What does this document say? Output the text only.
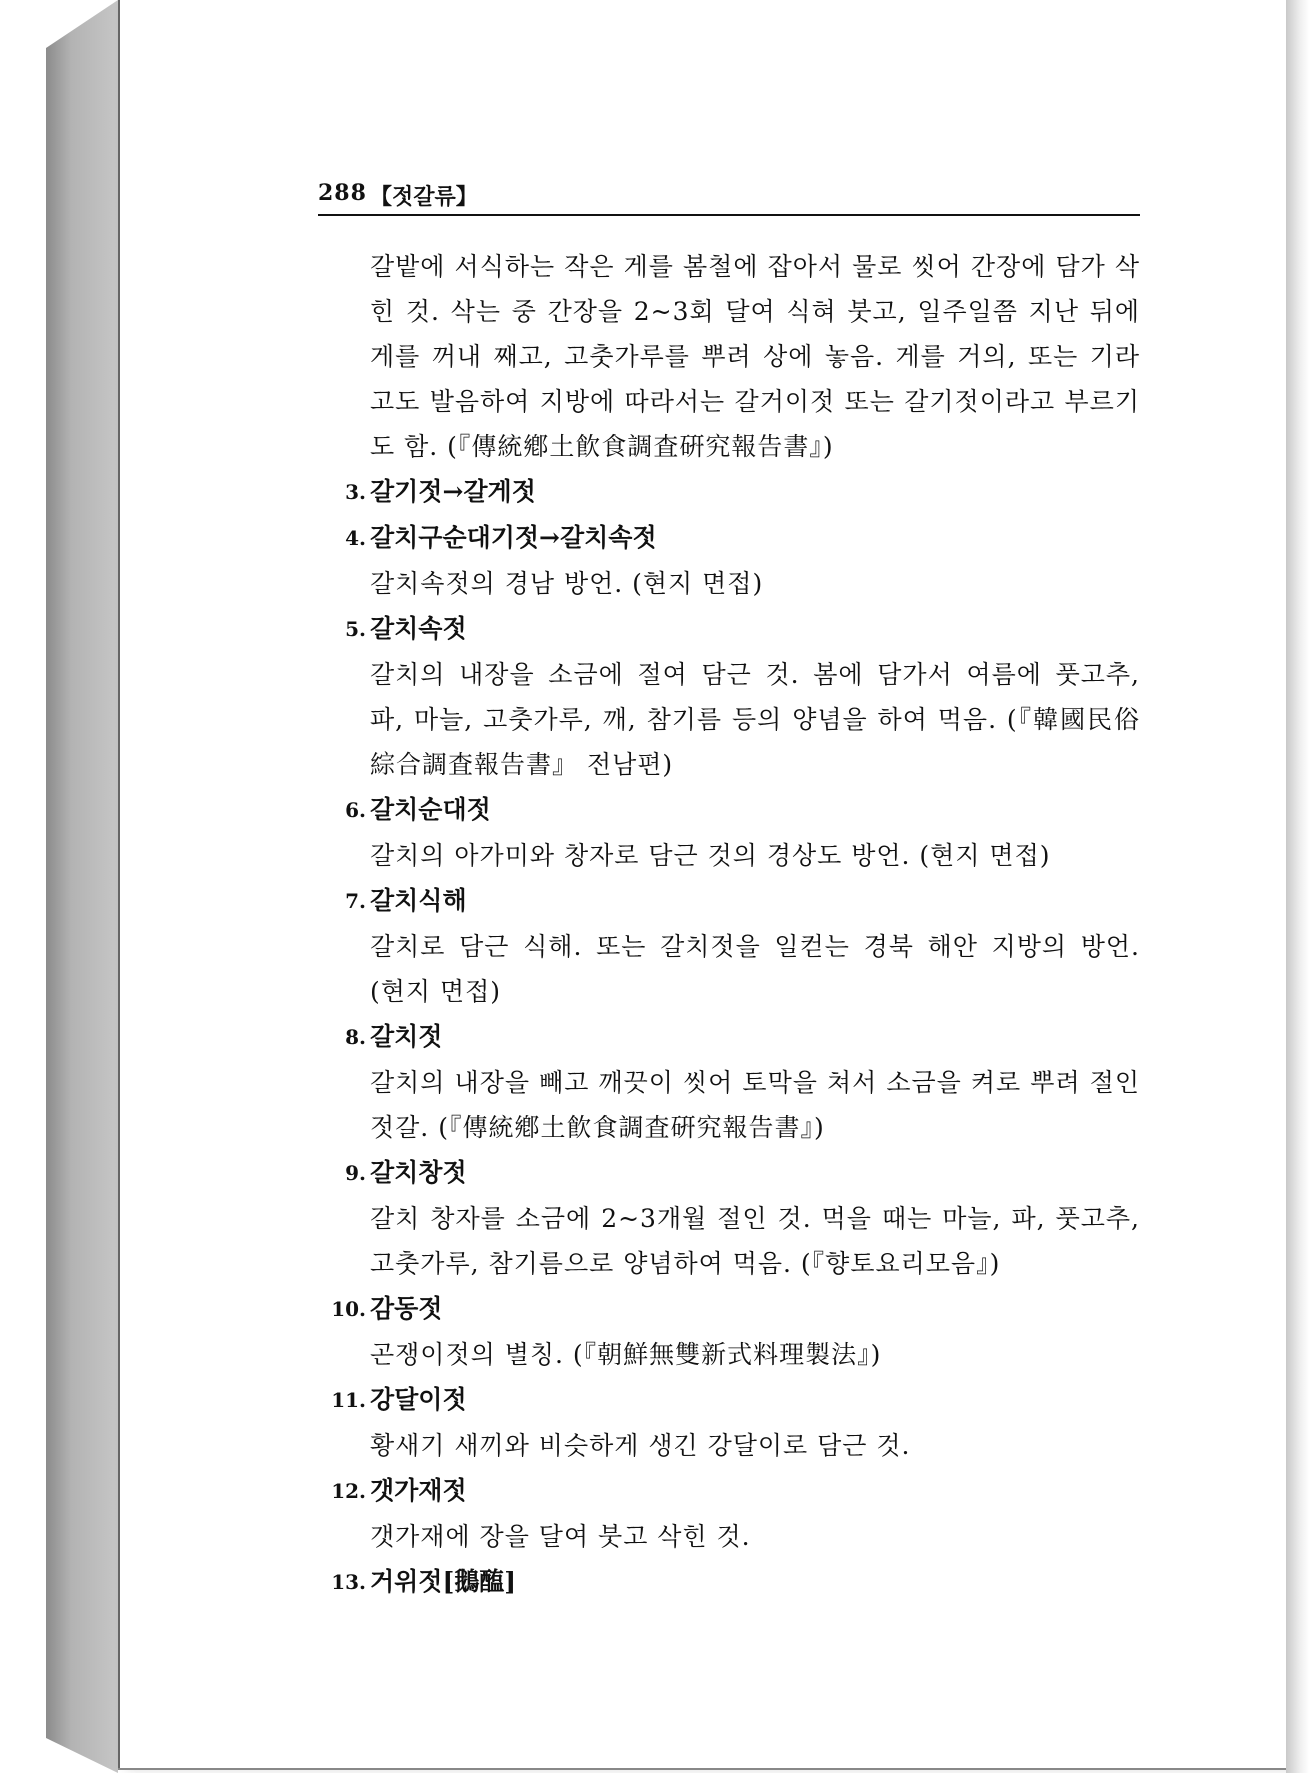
288 【젓갈류】

갈밭에 서식하는 작은 게를 봄철에 잡아서 물로 씻어 간장에 담가 삭힌 것. 삭는 중 간장을 2~3회 달여 식혀 붓고, 일주일쯤 지난 뒤에 게를 꺼내 째고, 고춧가루를 뿌려 상에 놓음. 게를 거의, 또는 기라고도 발음하여 지방에 따라서는 갈거이젓 또는 갈기젓이라고 부르기도 함. (『傳統鄕土飮食調査硏究報告書』)

3. 갈기젓→갈게젓
4. 갈치구순대기젓→갈치속젓

갈치속젓의 경남 방언. (현지 면접)

5. 갈치속젓

갈치의 내장을 소금에 절여 담근 것. 봄에 담가서 여름에 풋고추, 파, 마늘, 고춧가루, 깨, 참기름 등의 양념을 하여 먹음. (『韓國民俗綜合調査報告書』 전남편)

6. 갈치순대젓

갈치의 아가미와 창자로 담근 것의 경상도 방언. (현지 면접)

7. 갈치식해

갈치로 담근 식해. 또는 갈치젓을 일컫는 경북 해안 지방의 방언. (현지 면접)

8. 갈치젓

갈치의 내장을 빼고 깨끗이 씻어 토막을 쳐서 소금을 켜로 뿌려 절인 젓갈. (『傳統鄕土飮食調査硏究報告書』)

9. 갈치창젓

갈치 창자를 소금에 2~3개월 절인 것. 먹을 때는 마늘, 파, 풋고추, 고춧가루, 참기름으로 양념하여 먹음. (『향토요리모음』)

10. 감동젓

곤쟁이젓의 별칭. (『朝鮮無雙新式料理製法』)

11. 강달이젓

황새기 새끼와 비슷하게 생긴 강달이로 담근 것.

12. 갯가재젓

갯가재에 장을 달여 붓고 삭힌 것.

13. 거위젓[鵝醢]
